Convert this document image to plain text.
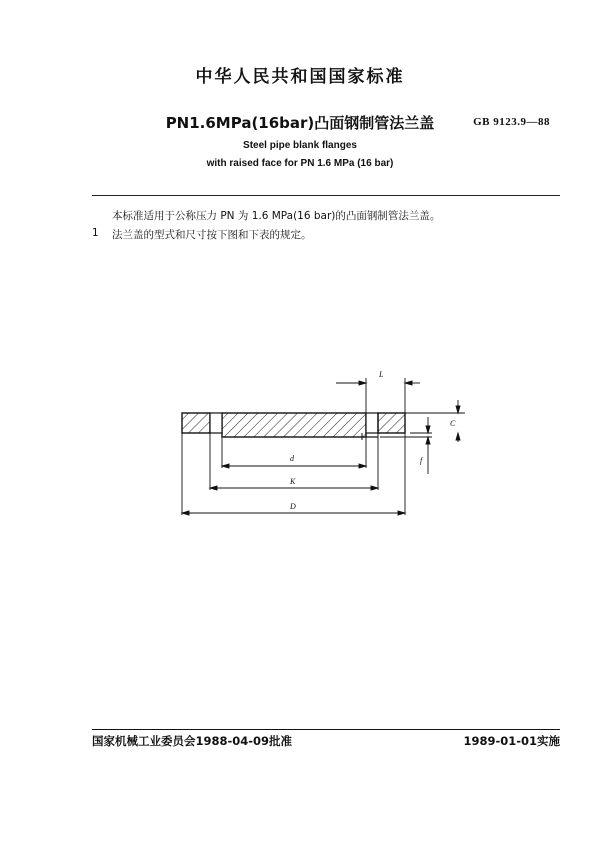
中华人民共和国国家标准
PN1.6MPa(16bar)凸面钢制管法兰盖	GB 9123.9—88
Steel pipe blank flanges
with raised face for PN 1.6 MPa (16 bar)
本标准适用于公称压力 PN 为 1.6 MPa(16 bar)的凸面钢制管法兰盖。
1 法兰盖的型式和尺寸按下图和下表的规定。
L
C
f
d
K
D
国家机械工业委员会1988-04-09批准	1989-01-01实施
